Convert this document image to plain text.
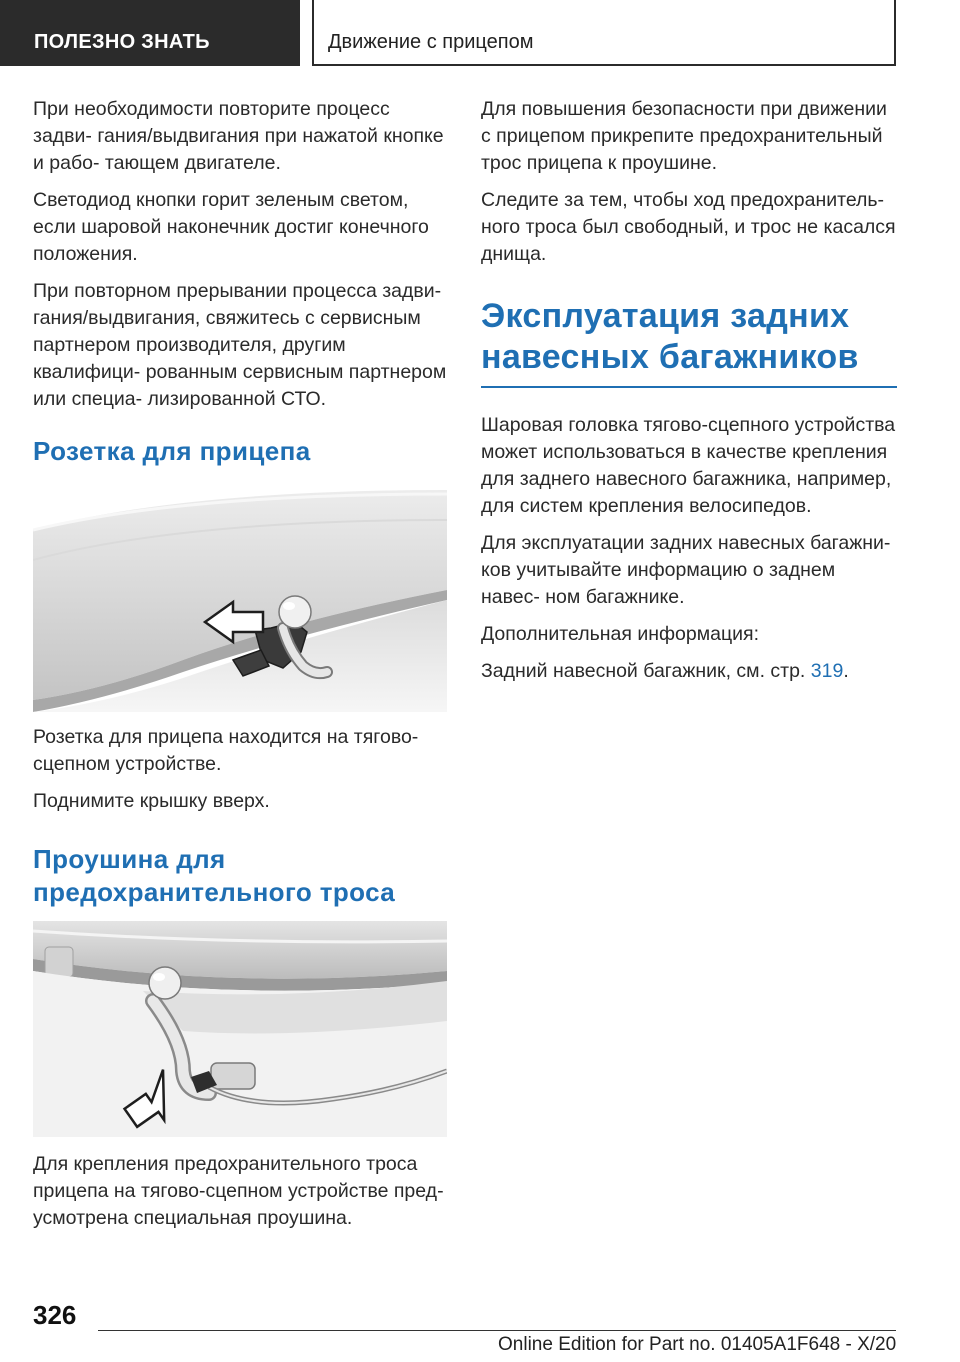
ПОЛЕЗНО ЗНАТЬ	Движение с прицепом

При необходимости повторите процесс задви- гания/выдвигания при нажатой кнопке и рабо- тающем двигателе.

Светодиод кнопки горит зеленым светом, если шаровой наконечник достиг конечного положения.

При повторном прерывании процесса задви- гания/выдвигания, свяжитесь с сервисным партнером производителя, другим квалифици- рованным сервисным партнером или специа- лизированной СТО.

Розетка для прицепа

Розетка для прицепа находится на тягово- сцепном устройстве.

Поднимите крышку вверх.

Проушина для предохранительного троса

Для крепления предохранительного троса прицепа на тягово-сцепном устройстве пред- усмотрена специальная проушина.

Для повышения безопасности при движении с прицепом прикрепите предохранительный трос прицепа к проушине.

Следите за тем, чтобы ход предохранитель- ного троса был свободный, и трос не касался днища.

Эксплуатация задних навесных багажников

Шаровая головка тягово-сцепного устройства может использоваться в качестве крепления для заднего навесного багажника, например, для систем крепления велосипедов.

Для эксплуатации задних навесных багажни- ков учитывайте информацию о заднем навес- ном багажнике.

Дополнительная информация:

Задний навесной багажник, см. стр. 319.

326
Online Edition for Part no. 01405A1F648 - X/20
